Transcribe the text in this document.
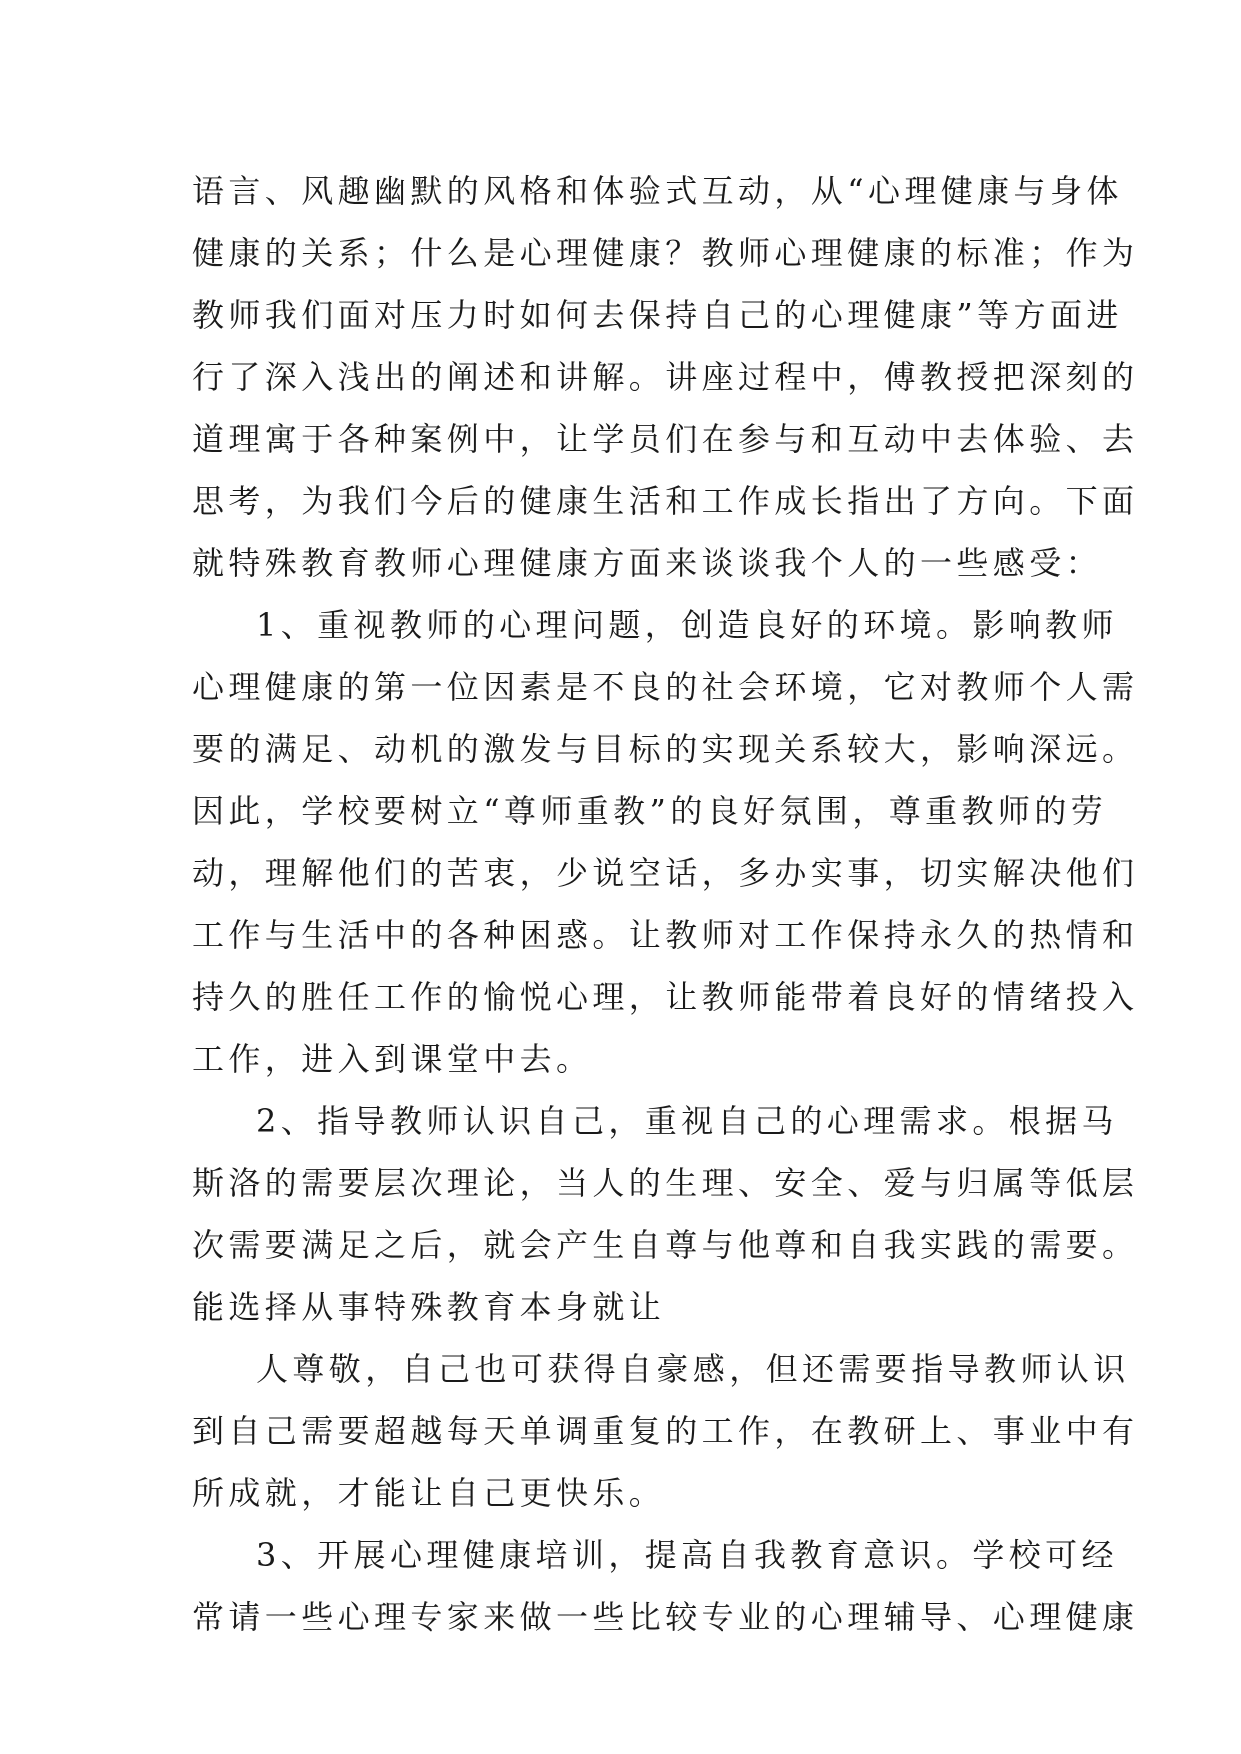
语言、风趣幽默的风格和体验式互动，从“心理健康与身体
健康的关系；什么是心理健康？教师心理健康的标准；作为
教师我们面对压力时如何去保持自己的心理健康”等方面进
行了深入浅出的阐述和讲解。讲座过程中，傅教授把深刻的
道理寓于各种案例中，让学员们在参与和互动中去体验、去
思考，为我们今后的健康生活和工作成长指出了方向。下面
就特殊教育教师心理健康方面来谈谈我个人的一些感受：

1、重视教师的心理问题，创造良好的环境。影响教师
心理健康的第一位因素是不良的社会环境，它对教师个人需
要的满足、动机的激发与目标的实现关系较大，影响深远。
因此，学校要树立“尊师重教”的良好氛围，尊重教师的劳
动，理解他们的苦衷，少说空话，多办实事，切实解决他们
工作与生活中的各种困惑。让教师对工作保持永久的热情和
持久的胜任工作的愉悦心理，让教师能带着良好的情绪投入
工作，进入到课堂中去。

2、指导教师认识自己，重视自己的心理需求。根据马
斯洛的需要层次理论，当人的生理、安全、爱与归属等低层
次需要满足之后，就会产生自尊与他尊和自我实践的需要。
能选择从事特殊教育本身就让

人尊敬，自己也可获得自豪感，但还需要指导教师认识
到自己需要超越每天单调重复的工作，在教研上、事业中有
所成就，才能让自己更快乐。

3、开展心理健康培训，提高自我教育意识。学校可经
常请一些心理专家来做一些比较专业的心理辅导、心理健康
